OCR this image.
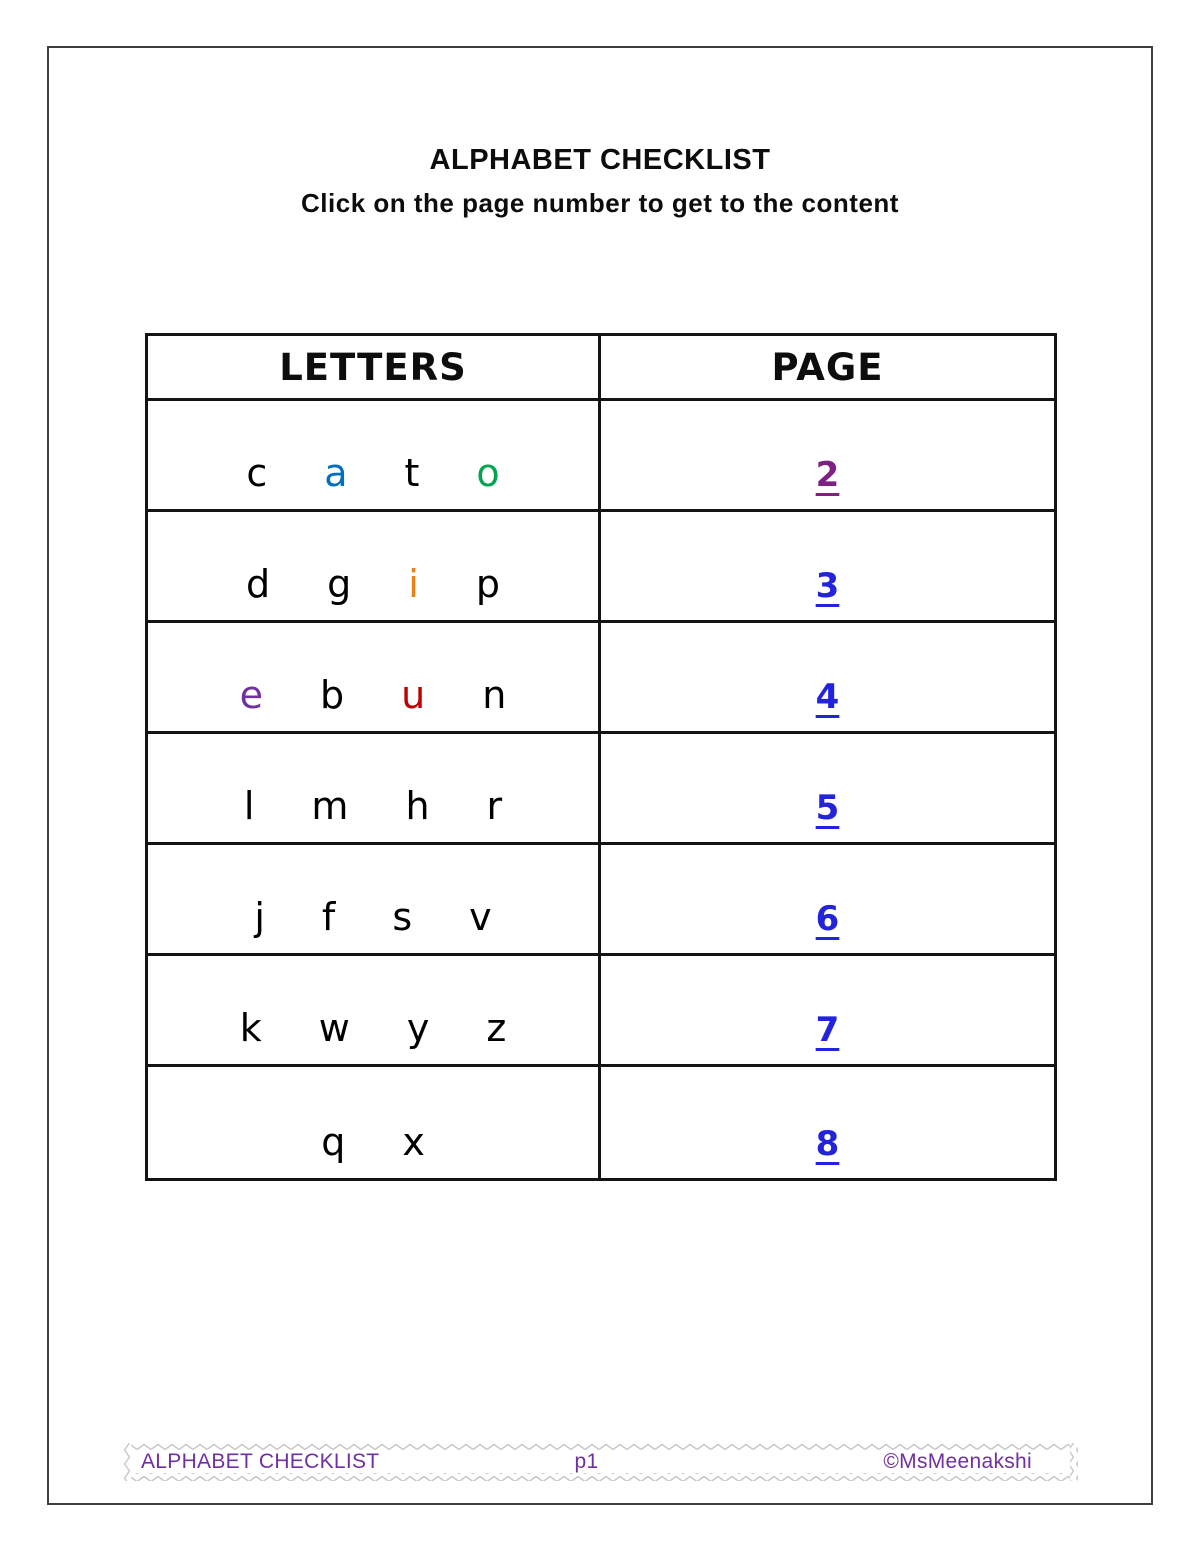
ALPHABET CHECKLIST
Click on the page number to get to the content
LETTERS	PAGE
c a t o	2
d g i p	3
e b u n	4
l m h r	5
j f s v	6
k w y z	7
q x	8
ALPHABET CHECKLIST	p1	©MsMeenakshi
